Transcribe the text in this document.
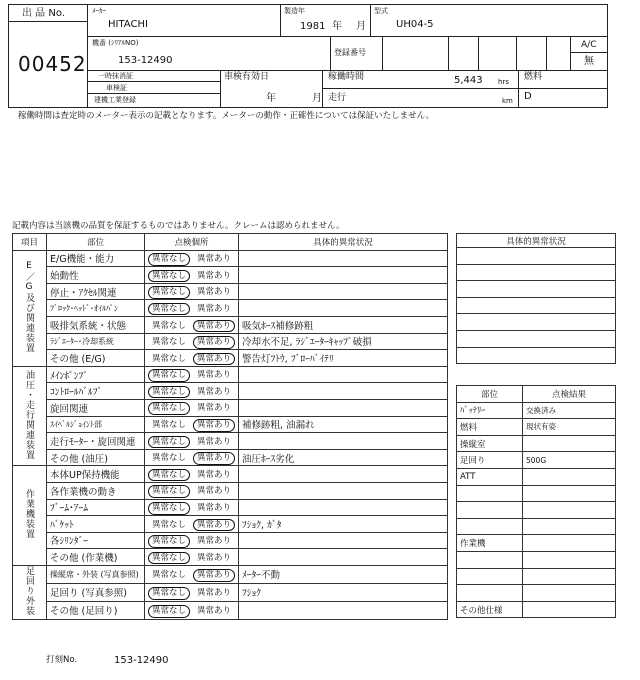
出 品 No.
00452
ﾒｰｶｰ
HITACHI
製造年
1981 年 月
型式
UH04-5
機番 (ｼﾘｱﾙNO)
153-12490
登録番号
A/C
無
一時抹消証
車検証
建機工業登録
車検有効日
年	月
稼働時間	5,443 hrs
走行	km
燃料
D
稼働時間は査定時のメーター表示の記載となります。メーターの動作・正確性については保証いたしません。
記載内容は当該機の品質を保証するものではありません。クレームは認められません。
項目	部位	点検個所	具体的異常状況
E／G及び関連装置	E/G機能・能力	異常なし 異常あり	
	始動性	異常なし 異常あり	
	停止・ｱｸｾﾙ関連	異常なし 異常あり	
	ﾌﾞﾛｯｸ･ﾍｯﾄﾞ･ｵｲﾙﾊﾟﾝ	異常なし 異常あり	
	吸排気系統・状態	異常なし 異常あり	吸気ﾎｰｽ補修跡粗
	ﾗｼﾞｴｰﾀｰ･冷却系統	異常なし 異常あり	冷却水不足, ﾗｼﾞｴｰﾀｰｷｬｯﾌﾟ破損
	その他 (E/G)	異常なし 異常あり	警告灯ﾌﾄｳ, ﾌﾞﾛｰﾊﾞｲﾃﾘ
油圧・走行関連装置	ﾒｲﾝﾎﾟﾝﾌﾟ	異常なし 異常あり	
	ｺﾝﾄﾛｰﾙﾊﾞﾙﾌﾞ	異常なし 異常あり	
	旋回関連	異常なし 異常あり	
	ｽｲﾍﾞﾙｼﾞｮｲﾝﾄ部	異常なし 異常あり	補修跡粗, 油漏れ
	走行ﾓｰﾀｰ・旋回関連	異常なし 異常あり	
	その他 (油圧)	異常なし 異常あり	油圧ﾎｰｽ劣化
作業機装置	本体UP保持機能	異常なし 異常あり	
	各作業機の動き	異常なし 異常あり	
	ﾌﾞｰﾑ･ｱｰﾑ	異常なし 異常あり	
	ﾊﾞｹｯﾄ	異常なし 異常あり	ﾌｼｮｸ, ｶﾞﾀ
	各ｼﾘﾝﾀﾞｰ	異常なし 異常あり	
	その他 (作業機)	異常なし 異常あり	
足回り外装	操縦席・外装 (写真参照)	異常なし 異常あり	ﾒｰﾀｰ不動
	足回り (写真参照)	異常なし 異常あり	ﾌｼｮｸ
	その他 (足回り)	異常なし 異常あり	
具体的異常状況

部位	点検結果
ﾊﾞｯﾃﾘｰ	交換済み
燃料	現状有姿
操縦室	
足回り	500G
ATT	

作業機	

その他仕様	
打刻No.	153-12490
